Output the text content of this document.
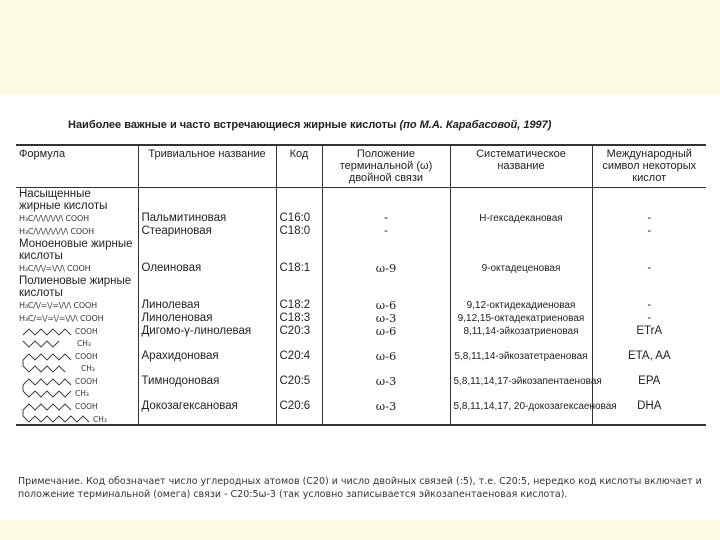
Наиболее важные и часто встречающиеся жирные кислоты (по М.А. Карабасовой, 1997)
Формула	Тривиальное название	Код	Положение терминальной (ω) двойной связи	Систематическое название	Международный символ некоторых кислот
Насыщенные жирные кислоты					
H₃C/\/\/\/\/\/\ COOH	Пальмитиновая	C16:0	-	Н-гексадекановая	-
H₃C/\/\/\/\/\/\/\ COOH	Стеариновая	C18:0	-		-
Моноеновые жирные кислоты					
H₃C/\/\/=\/\/\ COOH	Олеиновая	C18:1	ω-9	9-октадеценовая	-
Полиеновые жирные кислоты					
H₃C/\/=\/=\/\/\ COOH	Линолевая	C18:2	ω-6	9,12-октидекадиеновая	-
H₃C/=\/=\/=\/\/\ COOH	Линоленовая	C18:3	ω-3	9,12,15-октадекатриеновая	-

COOH
CH₃	Дигомо-γ-линолевая	C20:3	ω-6	8,11,14-эйкозатриеновая	ETrA

COOH
CH₃	Арахидоновая	C20:4	ω-6	5,8,11,14-эйкозатетраеновая	ETA, AA

COOH
CH₃	Тимнодоновая	C20:5	ω-3	5,8,11,14,17-эйкозапентаеновая	EPA

COOH
CH₃	Докозагексановая	C20:6	ω-3	5,8,11,14,17, 20-докозагексаеновая	DHA
Примечание. Код обозначает число углеродных атомов (С20) и число двойных связей (:5), т.е. С20:5, нередко код кислоты включает и положение терминальной (омега) связи - С20:5ω-3 (так условно записывается эйкозапентаеновая кислота).
